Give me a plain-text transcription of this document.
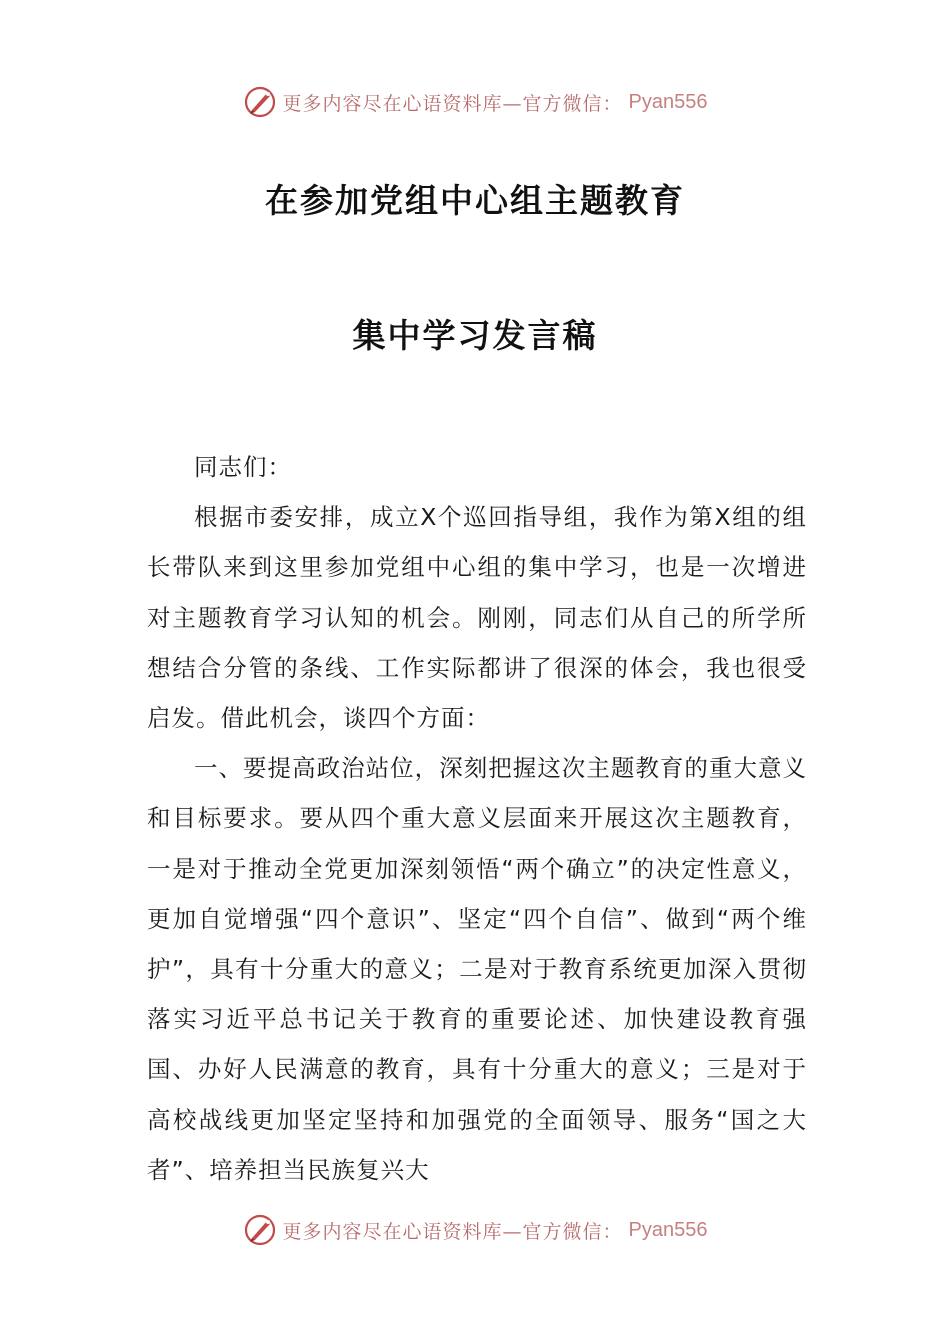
更多内容尽在心语资料库—官方微信： Pyan556
在参加党组中心组主题教育
集中学习发言稿

同志们：

根据市委安排，成立X个巡回指导组，我作为第X组的组长带队来到这里参加党组中心组的集中学习，也是一次增进对主题教育学习认知的机会。刚刚，同志们从自己的所学所想结合分管的条线、工作实际都讲了很深的体会，我也很受启发。借此机会，谈四个方面：

一、要提高政治站位，深刻把握这次主题教育的重大意义和目标要求。要从四个重大意义层面来开展这次主题教育，一是对于推动全党更加深刻领悟“两个确立”的决定性意义，更加自觉增强“四个意识”、坚定“四个自信”、做到“两个维护”，具有十分重大的意义；二是对于教育系统更加深入贯彻落实习近平总书记关于教育的重要论述、加快建设教育强国、办好人民满意的教育，具有十分重大的意义；三是对于高校战线更加坚定坚持和加强党的全面领导、服务“国之大者”、培养担当民族复兴大

更多内容尽在心语资料库—官方微信： Pyan556
